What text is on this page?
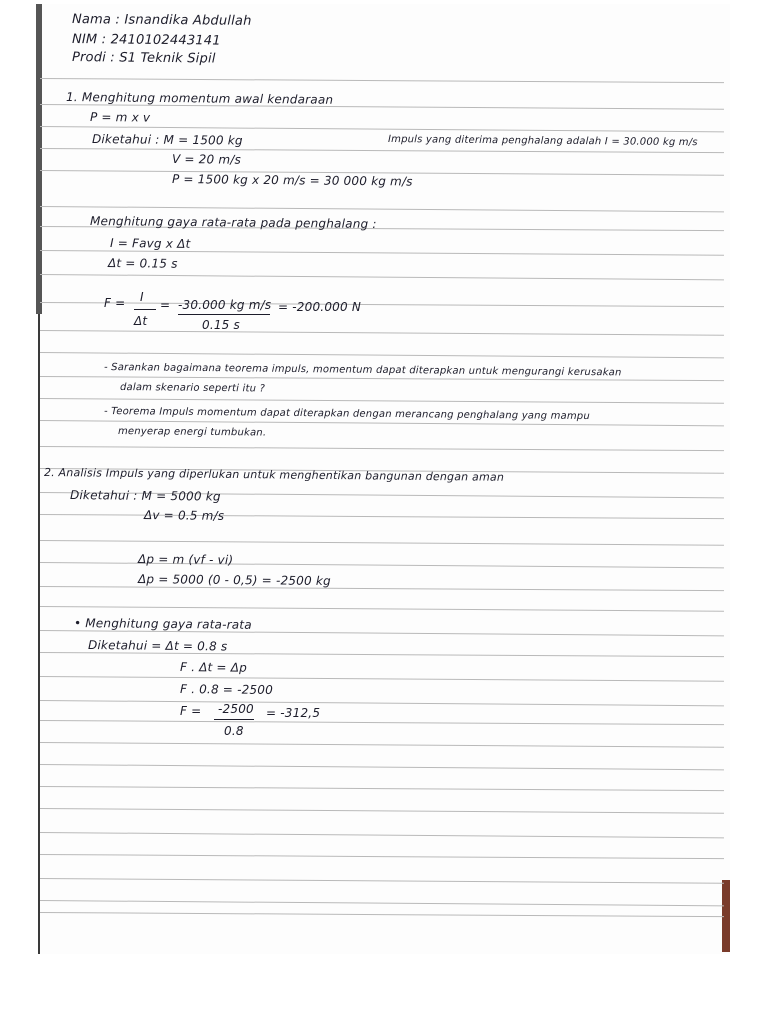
Nama : Isnandika Abdullah
NIM : 2410102443141
Prodi : S1 Teknik Sipil
1. Menghitung momentum awal kendaraan
P = m x v
Diketahui : M = 1500 kg
V = 20 m/s
P = 1500 kg x 20 m/s = 30 000 kg m/s
Impuls yang diterima penghalang adalah I = 30.000 kg m/s
Menghitung gaya rata-rata pada penghalang :
I = Favg x Δt
Δt = 0.15 s
F = I
Δt
= -30.000 kg m/s
0.15 s
= -200.000 N
- Sarankan bagaimana teorema impuls, momentum dapat diterapkan untuk mengurangi kerusakan
dalam skenario seperti itu ?
- Teorema Impuls momentum dapat diterapkan dengan merancang penghalang yang mampu
menyerap energi tumbukan.
2. Analisis Impuls yang diperlukan untuk menghentikan bangunan dengan aman
Diketahui : M = 5000 kg
Δv = 0.5 m/s
Δp = m (vf - vi)
Δp = 5000 (0 - 0,5) = -2500 kg
• Menghitung gaya rata-rata
Diketahui = Δt = 0.8 s
F . Δt = Δp
F . 0.8 = -2500
F = -2500
0.8
= -312,5
